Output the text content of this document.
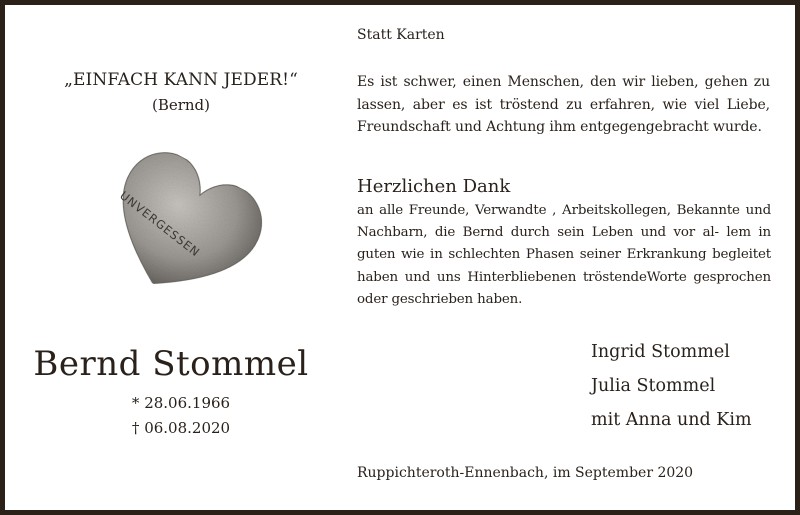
„EINFACH KANN JEDER!“
(Bernd)
UNVERGESSEN
Bernd Stommel
* 28.06.1966
† 06.08.2020
Statt Karten
Es ist schwer, einen Menschen, den wir lieben, gehen zu lassen, aber es ist tröstend zu erfahren, wie viel Liebe, Freundschaft und Achtung ihm entgegengebracht wurde.
Herzlichen Dank
an alle Freunde, Verwandte , Arbeitskollegen, Bekannte und Nachbarn, die Bernd durch sein Leben und vor al- lem in guten wie in schlechten Phasen seiner Erkrankung begleitet haben und uns Hinterbliebenen tröstendeWorte gesprochen oder geschrieben haben.
Ingrid Stommel
Julia Stommel
mit Anna und Kim
Ruppichteroth-Ennenbach, im September 2020
